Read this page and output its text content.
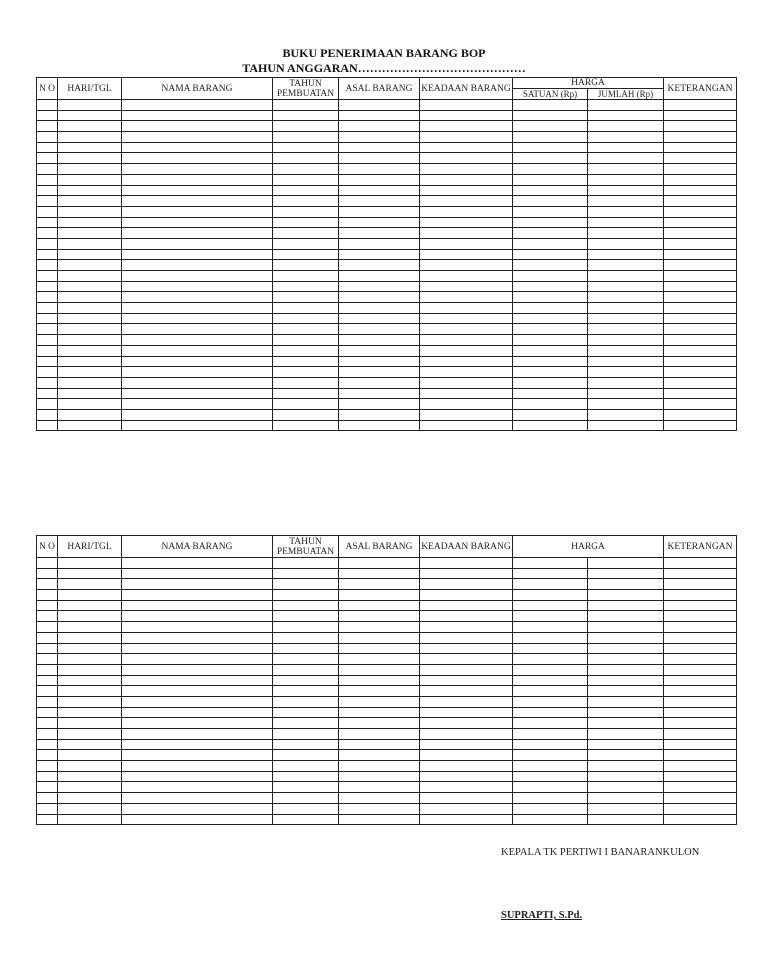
BUKU PENERIMAAN BARANG BOP
TAHUN ANGGARAN……………………………………
N O	HARI/TGL	NAMA BARANG	TAHUN PEMBUATAN	ASAL BARANG	KEADAAN BARANG	HARGA		KETERANGAN
						SATUAN (Rp)	JUMLAH (Rp)	

N O	HARI/TGL	NAMA BARANG	TAHUN PEMBUATAN	ASAL BARANG	KEADAAN BARANG	HARGA		KETERANGAN

KEPALA TK PERTIWI I BANARANKULON
SUPRAPTI, S.Pd.
